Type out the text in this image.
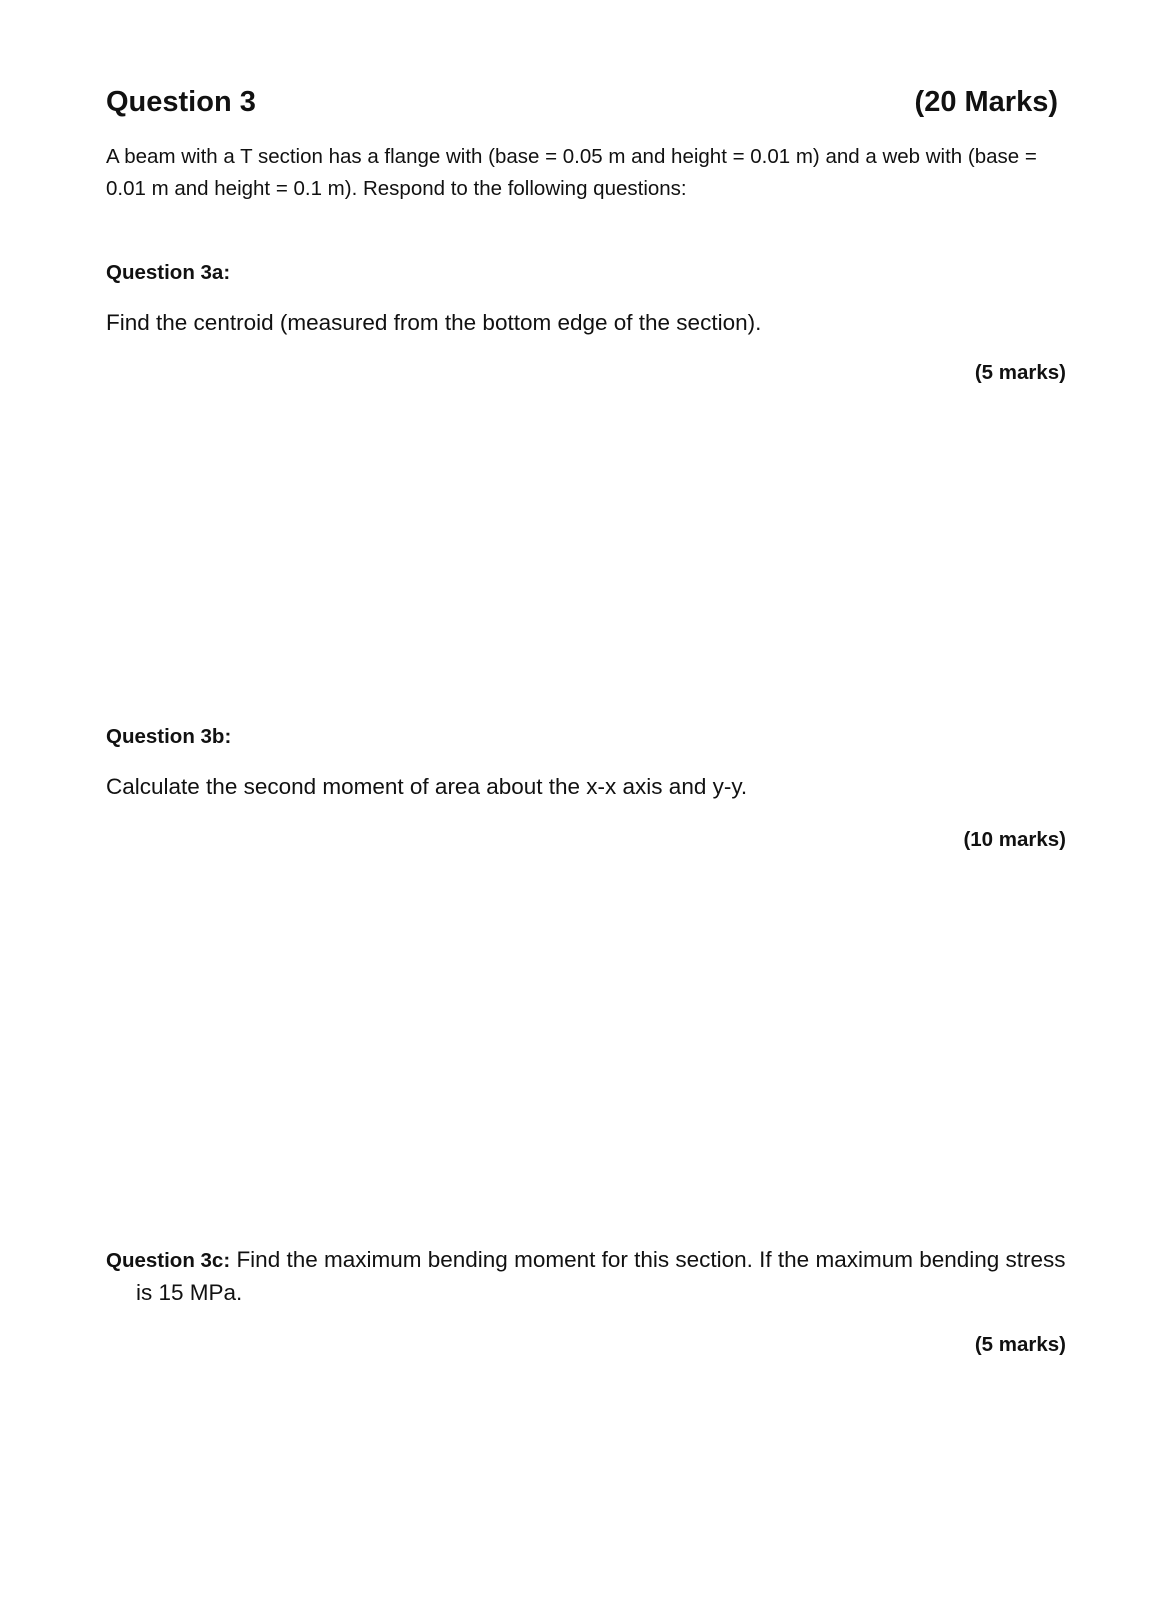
Question 3	(20 Marks)

A beam with a T section has a flange with (base = 0.05 m and height = 0.01 m) and a web with (base = 0.01 m and height = 0.1 m). Respond to the following questions:

Question 3a:

Find the centroid (measured from the bottom edge of the section).

(5 marks)
Question 3b:

Calculate the second moment of area about the x-x axis and y-y.

(10 marks)

Question 3c: Find the maximum bending moment for this section. If the maximum bending stress is 15 MPa.

(5 marks)
